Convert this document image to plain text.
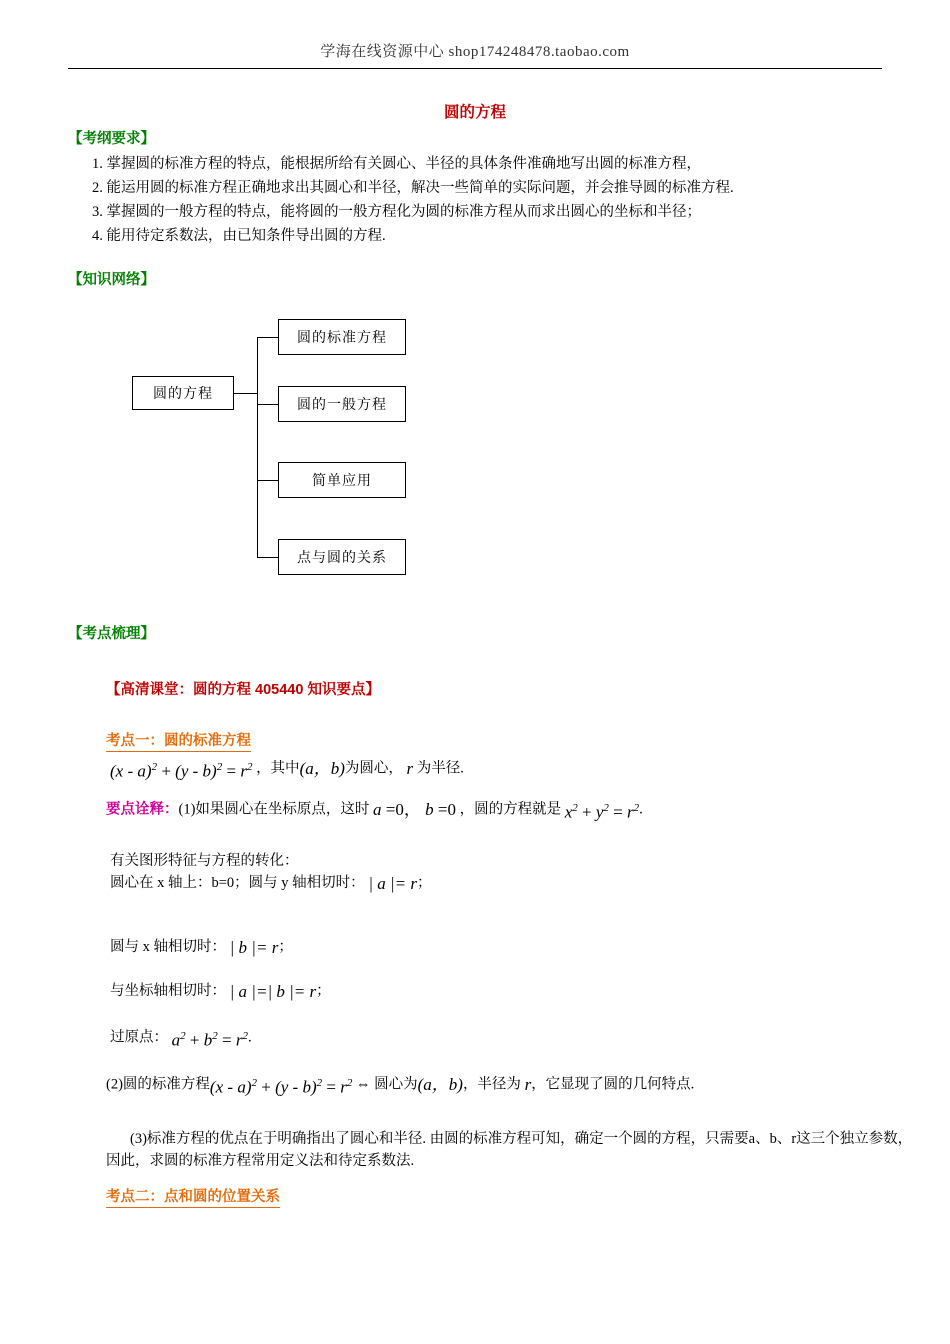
学海在线资源中心 shop174248478.taobao.com
圆的方程
【考纲要求】
1. 掌握圆的标准方程的特点，能根据所给有关圆心、半径的具体条件准确地写出圆的标准方程，
2. 能运用圆的标准方程正确地求出其圆心和半径，解决一些简单的实际问题，并会推导圆的标准方程.
3. 掌握圆的一般方程的特点，能将圆的一般方程化为圆的标准方程从而求出圆心的坐标和半径；
4. 能用待定系数法，由已知条件导出圆的方程.
【知识网络】
圆的方程
圆的标准方程
圆的一般方程
简单应用
点与圆的关系
【考点梳理】
【高清课堂：圆的方程 405440 知识要点】
考点一：圆的标准方程
$(x - a)^2 + (y - b)^2 = r^2$ ，其中(a，b)为圆心， r 为半径.
要点诠释：(1)如果圆心在坐标原点，这时 a =0， b =0 ，圆的方程就是 $x^2 + y^2 = r^2$.
有关图形特征与方程的转化：
圆心在 x 轴上：b=0；圆与 y 轴相切时： | a |= r；
圆与 x 轴相切时： | b |= r；
与坐标轴相切时： | a |=| b |= r；
过原点： $a^2 + b^2 = r^2$.
(2)圆的标准方程$(x - a)^2 + (y - b)^2 = r^2$ ⇔ 圆心为(a，b)，半径为 r，它显现了圆的几何特点.
(3)标准方程的优点在于明确指出了圆心和半径. 由圆的标准方程可知，确定一个圆的方程，只需要a、b、r这三个独立参数，因此，求圆的标准方程常用定义法和待定系数法.
考点二：点和圆的位置关系
